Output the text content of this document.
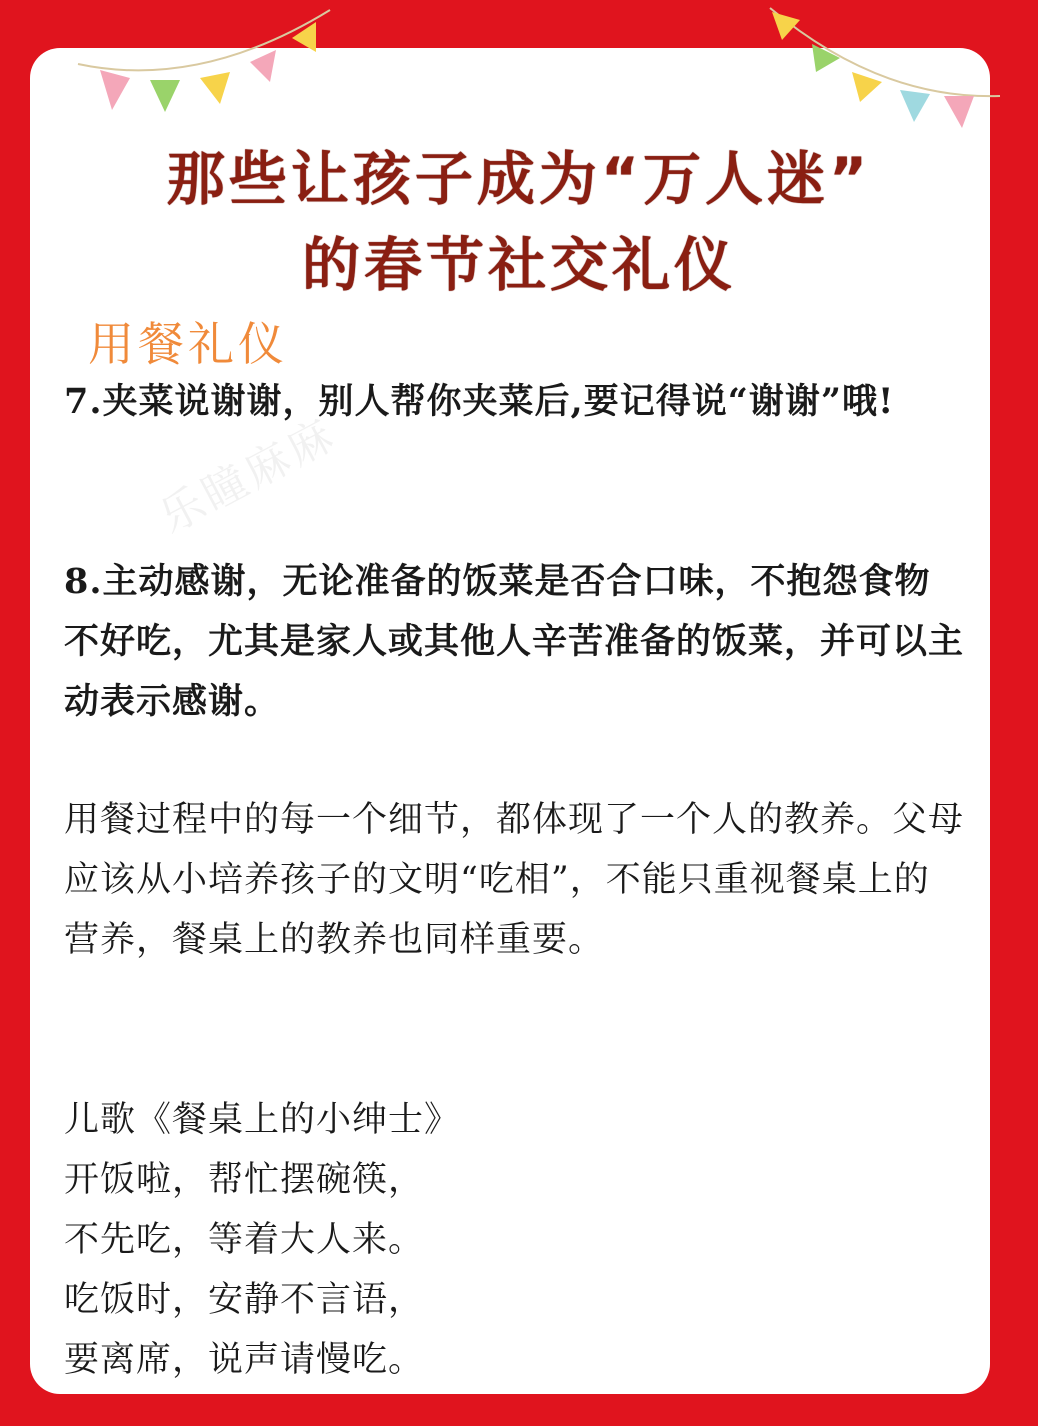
那些让孩子成为“万人迷”
的春节社交礼仪
用餐礼仪
乐瞳麻麻

7.夹菜说谢谢，别人帮你夹菜后,要记得说“谢谢”哦!

8.主动感谢，无论准备的饭菜是否合口味，不抱怨食物不好吃，尤其是家人或其他人辛苦准备的饭菜，并可以主动表示感谢。

用餐过程中的每一个细节，都体现了一个人的教养。父母应该从小培养孩子的文明“吃相”，不能只重视餐桌上的营养，餐桌上的教养也同样重要。

儿歌《餐桌上的小绅士》
开饭啦，帮忙摆碗筷，
不先吃，等着大人来。
吃饭时，安静不言语，
要离席，说声请慢吃。
